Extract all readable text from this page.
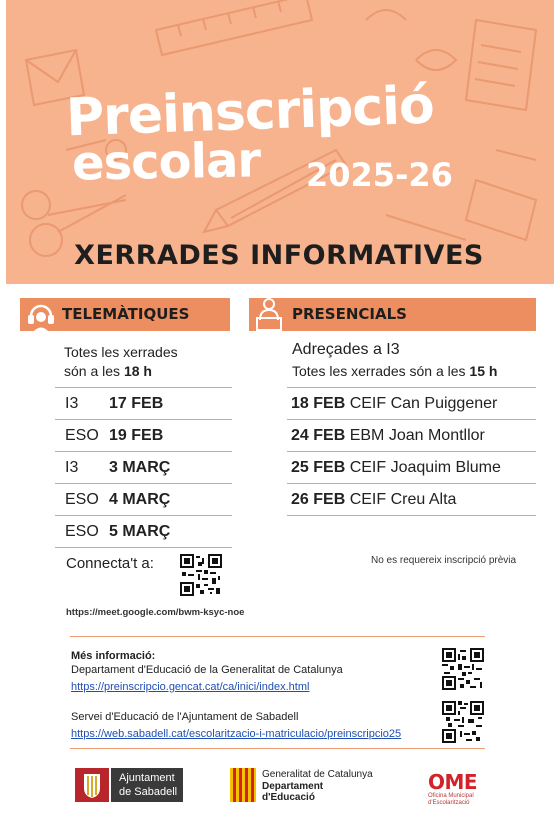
Preinscripció
escolar 2025-26
XERRADES INFORMATIVES
TELEMÀTIQUES	PRESENCIALS
Totes les xerrades
són a les 18 h
Adreçades a I3
Totes les xerrades són a les 15 h
I3 17 FEB
ESO 19 FEB
I3 3 MARÇ
ESO 4 MARÇ
ESO 5 MARÇ
18 FEB CEIF Can Puiggener
24 FEB EBM Joan Montllor
25 FEB CEIF Joaquim Blume
26 FEB CEIF Creu Alta
Connecta't a:	No es requereix inscripció prèvia
https://meet.google.com/bwm-ksyc-noe
Més informació:
Departament d'Educació de la Generalitat de Catalunya
https://preinscripcio.gencat.cat/ca/inici/index.html
Servei d'Educació de l'Ajuntament de Sabadell
https://web.sabadell.cat/escolaritzacio-i-matriculacio/preinscripcio25
Ajuntament
de Sabadell
Generalitat de Catalunya
Departament
d'Educació
OME
Oficina Municipal
d'Escolarització
